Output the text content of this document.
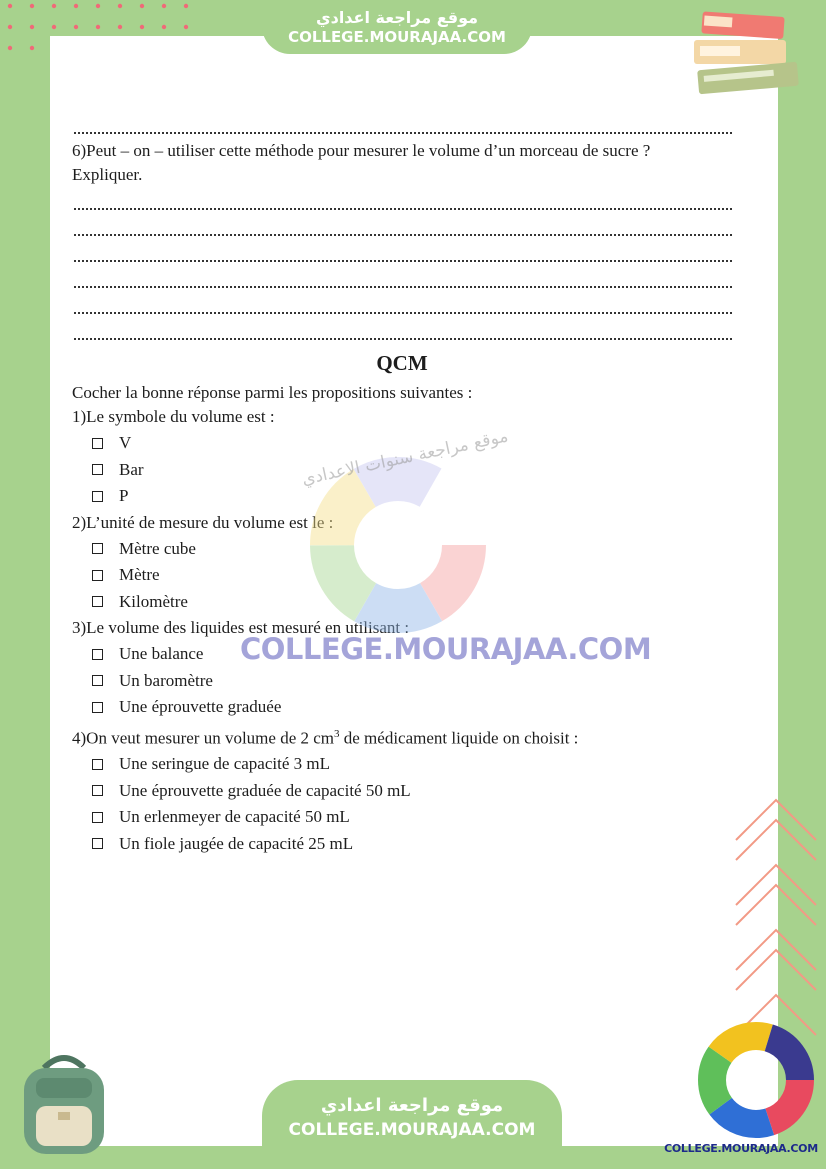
موقع مراجعة اعدادي
COLLEGE.MOURAJAA.COM
6)Peut – on – utiliser cette méthode pour mesurer le volume d’un morceau de sucre ?
Expliquer.
QCM
Cocher la bonne réponse parmi les propositions suivantes :
1)Le symbole du volume est :
V
Bar
P
2)L’unité de mesure du volume est le :
Mètre cube
Mètre
Kilomètre
3)Le volume des liquides est mesuré en utilisant :
Une balance
Un baromètre
Une éprouvette graduée
4)On veut mesurer un volume de 2 $cm^3$ de médicament liquide on choisit :
Une seringue de capacité 3 mL
Une éprouvette graduée de capacité 50 mL
Un erlenmeyer de capacité 50 mL
Un fiole jaugée de capacité 25 mL
COLLEGE.MOURAJAA.COM
موقع مراجعة سنوات الاعدادي
موقع مراجعة اعدادي
COLLEGE.MOURAJAA.COM
COLLEGE.MOURAJAA.COM
